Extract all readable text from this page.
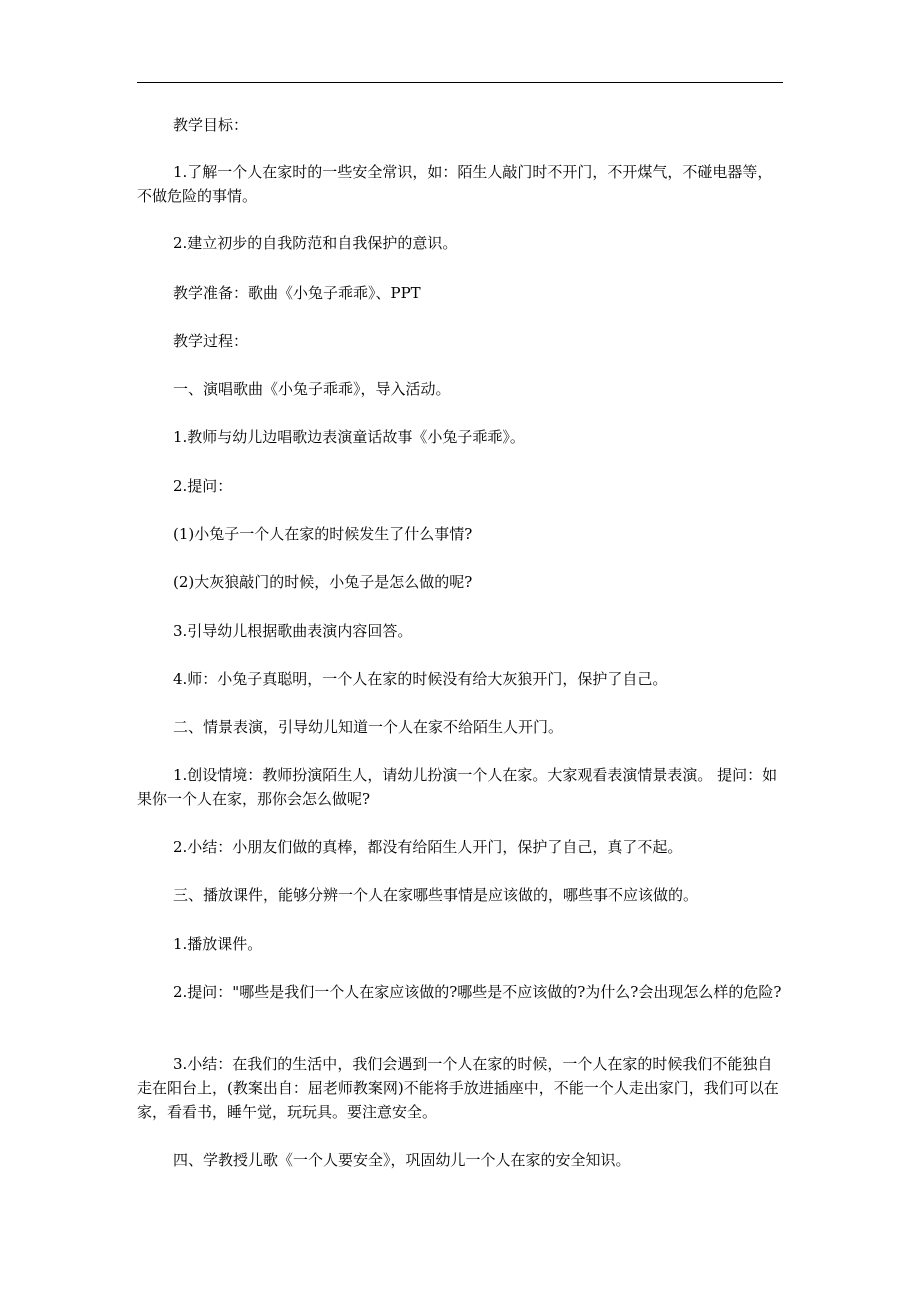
教学目标：

1.了解一个人在家时的一些安全常识，如：陌生人敲门时不开门，不开煤气，不碰电器等，不做危险的事情。

2.建立初步的自我防范和自我保护的意识。

教学准备：歌曲《小兔子乖乖》、PPT

教学过程：

一、演唱歌曲《小兔子乖乖》，导入活动。

1.教师与幼儿边唱歌边表演童话故事《小兔子乖乖》。

2.提问：

(1)小兔子一个人在家的时候发生了什么事情?

(2)大灰狼敲门的时候，小兔子是怎么做的呢?

3.引导幼儿根据歌曲表演内容回答。

4.师：小兔子真聪明，一个人在家的时候没有给大灰狼开门，保护了自己。

二、情景表演，引导幼儿知道一个人在家不给陌生人开门。

1.创设情境：教师扮演陌生人，请幼儿扮演一个人在家。大家观看表演情景表演。 提问：如果你一个人在家，那你会怎么做呢?

2.小结：小朋友们做的真棒，都没有给陌生人开门，保护了自己，真了不起。

三、播放课件，能够分辨一个人在家哪些事情是应该做的，哪些事不应该做的。

1.播放课件。

2.提问："哪些是我们一个人在家应该做的?哪些是不应该做的?为什么?会出现怎么样的危险?

3.小结：在我们的生活中，我们会遇到一个人在家的时候，一个人在家的时候我们不能独自走在阳台上，(教案出自：屈老师教案网)不能将手放进插座中，不能一个人走出家门，我们可以在家，看看书，睡午觉，玩玩具。要注意安全。

四、学教授儿歌《一个人要安全》，巩固幼儿一个人在家的安全知识。
